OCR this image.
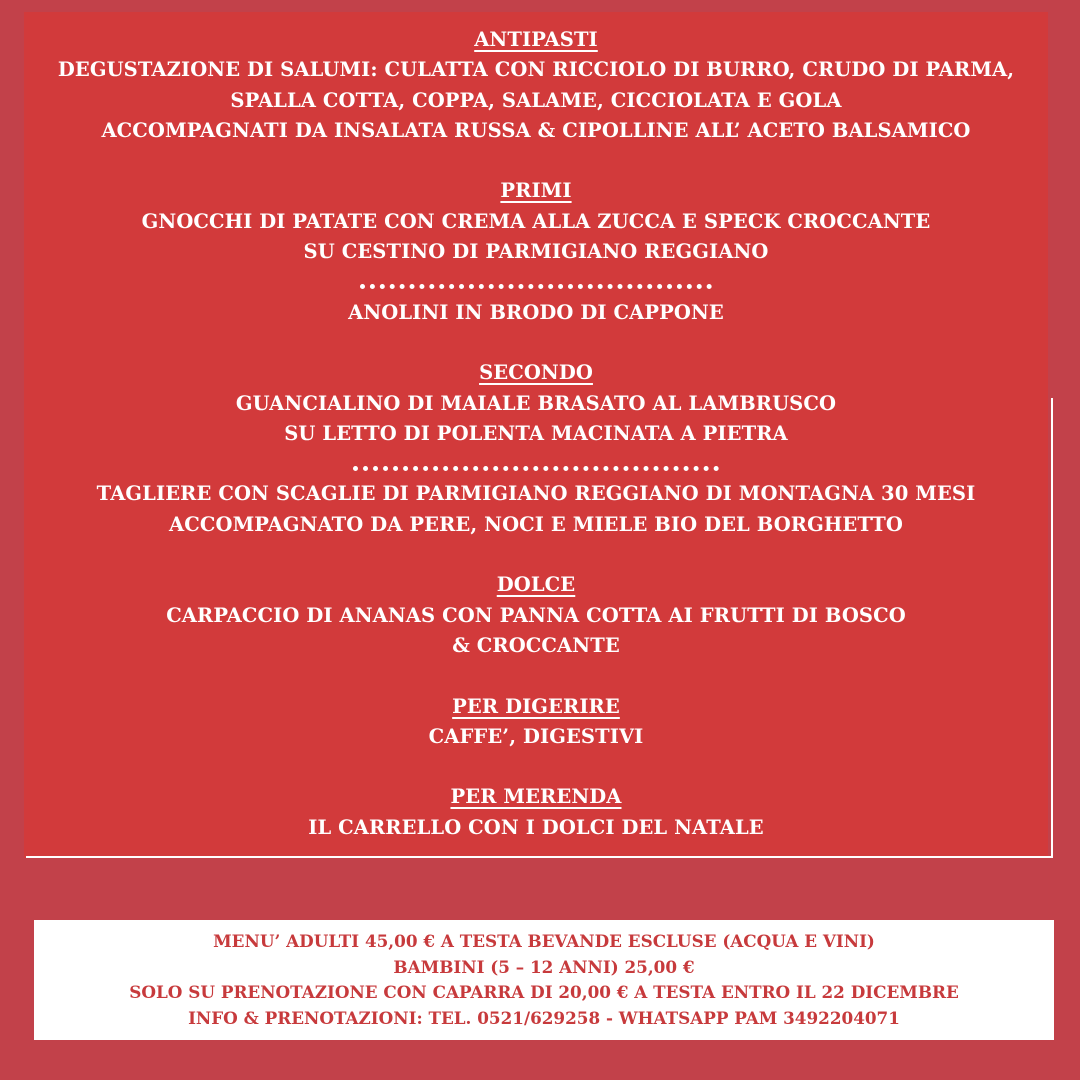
ANTIPASTI
DEGUSTAZIONE DI SALUMI: CULATTA CON RICCIOLO DI BURRO, CRUDO DI PARMA,
SPALLA COTTA, COPPA, SALAME, CICCIOLATA E GOLA
ACCOMPAGNATI DA INSALATA RUSSA & CIPOLLINE ALL’ ACETO BALSAMICO
PRIMI
GNOCCHI DI PATATE CON CREMA ALLA ZUCCA E SPECK CROCCANTE
SU CESTINO DI PARMIGIANO REGGIANO
ANOLINI IN BRODO DI CAPPONE
SECONDO
GUANCIALINO DI MAIALE BRASATO AL LAMBRUSCO
SU LETTO DI POLENTA MACINATA A PIETRA
TAGLIERE CON SCAGLIE DI PARMIGIANO REGGIANO DI MONTAGNA 30 MESI
ACCOMPAGNATO DA PERE, NOCI E MIELE BIO DEL BORGHETTO
DOLCE
CARPACCIO DI ANANAS CON PANNA COTTA AI FRUTTI DI BOSCO
& CROCCANTE
PER DIGERIRE
CAFFE’, DIGESTIVI
PER MERENDA
IL CARRELLO CON I DOLCI DEL NATALE
MENU’ ADULTI 45,00 € A TESTA BEVANDE ESCLUSE (ACQUA E VINI)
BAMBINI (5 – 12 ANNI) 25,00 €
SOLO SU PRENOTAZIONE CON CAPARRA DI 20,00 € A TESTA ENTRO IL 22 DICEMBRE
INFO & PRENOTAZIONI: TEL. 0521/629258 - WHATSAPP PAM 3492204071
